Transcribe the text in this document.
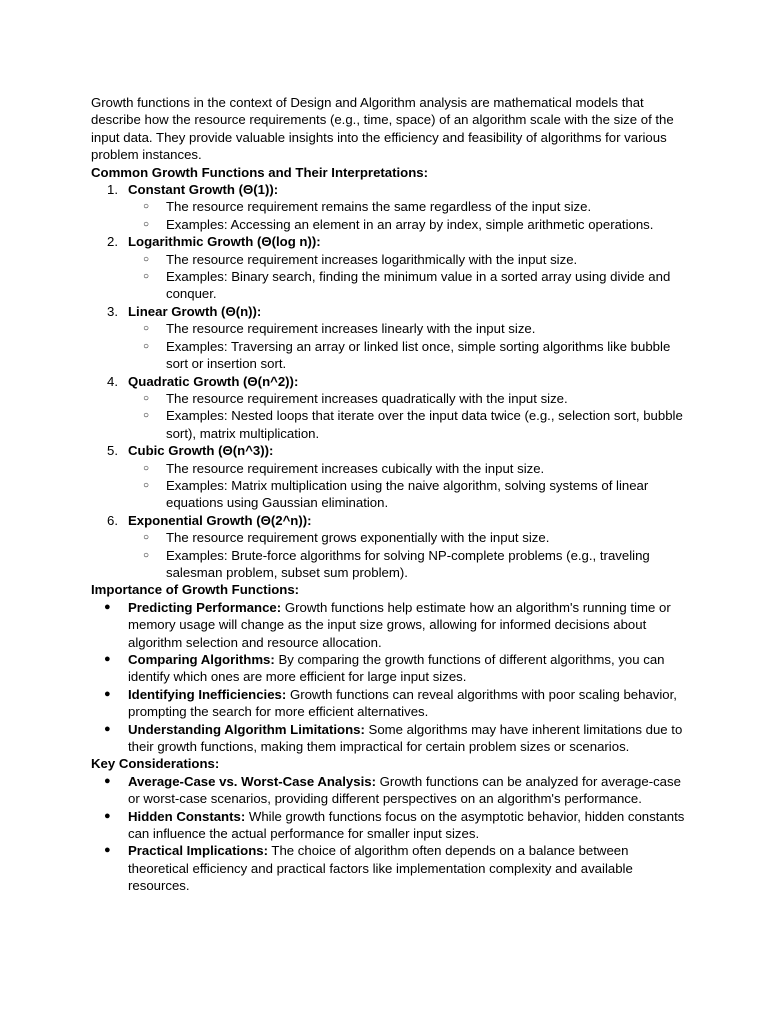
Growth functions in the context of Design and Algorithm analysis are mathematical models that describe how the resource requirements (e.g., time, space) of an algorithm scale with the size of the input data. They provide valuable insights into the efficiency and feasibility of algorithms for various problem instances.

Common Growth Functions and Their Interpretations:

1. Constant Growth (Θ(1)):
○ The resource requirement remains the same regardless of the input size.
○ Examples: Accessing an element in an array by index, simple arithmetic operations.
2. Logarithmic Growth (Θ(log n)):
○ The resource requirement increases logarithmically with the input size.
○ Examples: Binary search, finding the minimum value in a sorted array using divide and conquer.
3. Linear Growth (Θ(n)):
○ The resource requirement increases linearly with the input size.
○ Examples: Traversing an array or linked list once, simple sorting algorithms like bubble sort or insertion sort.
4. Quadratic Growth (Θ(n^2)):
○ The resource requirement increases quadratically with the input size.
○ Examples: Nested loops that iterate over the input data twice (e.g., selection sort, bubble sort), matrix multiplication.
5. Cubic Growth (Θ(n^3)):
○ The resource requirement increases cubically with the input size.
○ Examples: Matrix multiplication using the naive algorithm, solving systems of linear equations using Gaussian elimination.
6. Exponential Growth (Θ(2^n)):
○ The resource requirement grows exponentially with the input size.
○ Examples: Brute-force algorithms for solving NP-complete problems (e.g., traveling salesman problem, subset sum problem).

Importance of Growth Functions:

● Predicting Performance: Growth functions help estimate how an algorithm's running time or memory usage will change as the input size grows, allowing for informed decisions about algorithm selection and resource allocation.
● Comparing Algorithms: By comparing the growth functions of different algorithms, you can identify which ones are more efficient for large input sizes.
● Identifying Inefficiencies: Growth functions can reveal algorithms with poor scaling behavior, prompting the search for more efficient alternatives.
● Understanding Algorithm Limitations: Some algorithms may have inherent limitations due to their growth functions, making them impractical for certain problem sizes or scenarios.

Key Considerations:

● Average-Case vs. Worst-Case Analysis: Growth functions can be analyzed for average-case or worst-case scenarios, providing different perspectives on an algorithm's performance.
● Hidden Constants: While growth functions focus on the asymptotic behavior, hidden constants can influence the actual performance for smaller input sizes.
● Practical Implications: The choice of algorithm often depends on a balance between theoretical efficiency and practical factors like implementation complexity and available resources.
